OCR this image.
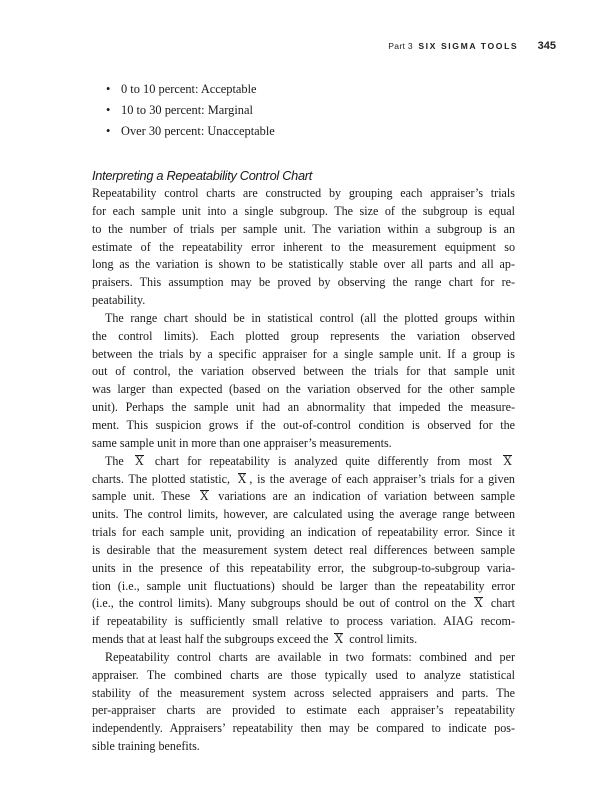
Part 3 SIX SIGMA TOOLS 345
• 0 to 10 percent: Acceptable
• 10 to 30 percent: Marginal
• Over 30 percent: Unacceptable
Interpreting a Repeatability Control Chart
Repeatability control charts are constructed by grouping each appraiser’s trials
for each sample unit into a single subgroup. The size of the subgroup is equal
to the number of trials per sample unit. The variation within a subgroup is an
estimate of the repeatability error inherent to the measurement equipment so
long as the variation is shown to be statistically stable over all parts and all ap-
praisers. This assumption may be proved by observing the range chart for re-
peatability.
The range chart should be in statistical control (all the plotted groups within
the control limits). Each plotted group represents the variation observed
between the trials by a specific appraiser for a single sample unit. If a group is
out of control, the variation observed between the trials for that sample unit
was larger than expected (based on the variation observed for the other sample
unit). Perhaps the sample unit had an abnormality that impeded the measure-
ment. This suspicion grows if the out-of-control condition is observed for the
same sample unit in more than one appraiser’s measurements.
The X chart for repeatability is analyzed quite differently from most X
charts. The plotted statistic, X , is the average of each appraiser’s trials for a given
sample unit. These X variations are an indication of variation between sample
units. The control limits, however, are calculated using the average range between
trials for each sample unit, providing an indication of repeatability error. Since it
is desirable that the measurement system detect real differences between sample
units in the presence of this repeatability error, the subgroup-to-subgroup varia-
tion (i.e., sample unit fluctuations) should be larger than the repeatability error
(i.e., the control limits). Many subgroups should be out of control on the X chart
if repeatability is sufficiently small relative to process variation. AIAG recom-
mends that at least half the subgroups exceed the X control limits.
Repeatability control charts are available in two formats: combined and per
appraiser. The combined charts are those typically used to analyze statistical
stability of the measurement system across selected appraisers and parts. The
per-appraiser charts are provided to estimate each appraiser’s repeatability
independently. Appraisers’ repeatability then may be compared to indicate pos-
sible training benefits.
